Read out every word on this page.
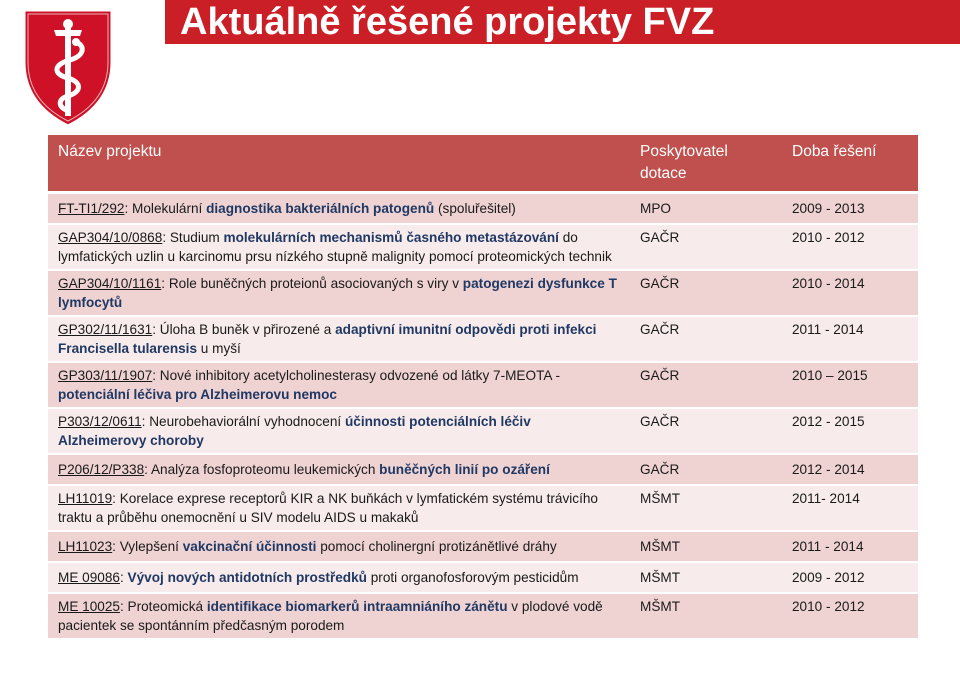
Aktuálně řešené projekty FVZ
Název projektu	Poskytovatel dotace	Doba řešení
FT-TI1/292: Molekulární diagnostika bakteriálních patogenů (spoluřešitel)	MPO	2009 - 2013
GAP304/10/0868: Studium molekulárních mechanismů časného metastázování do lymfatických uzlin u karcinomu prsu nízkého stupně malignity pomocí proteomických technik	GAČR	2010 - 2012
GAP304/10/1161: Role buněčných proteionů asociovaných s viry v patogenezi dysfunkce T lymfocytů	GAČR	2010 - 2014
GP302/11/1631: Úloha B buněk v přirozené a adaptivní imunitní odpovědi proti infekci Francisella tularensis u myší	GAČR	2011 - 2014
GP303/11/1907: Nové inhibitory acetylcholinesterasy odvozené od látky 7-MEOTA - potenciální léčiva pro Alzheimerovu nemoc	GAČR	2010 – 2015
P303/12/0611: Neurobehaviorální vyhodnocení účinnosti potenciálních léčiv Alzheimerovy choroby	GAČR	2012 - 2015
P206/12/P338: Analýza fosfoproteomu leukemických buněčných linií po ozáření	GAČR	2012 - 2014
LH11019: Korelace exprese receptorů KIR a NK buňkách v lymfatickém systému trávicího traktu a průběhu onemocnění u SIV modelu AIDS u makaků	MŠMT	2011- 2014
LH11023: Vylepšení vakcinační účinnosti pomocí cholinergní protizánětlivé dráhy	MŠMT	2011 - 2014
ME 09086: Vývoj nových antidotních prostředků proti organofosforovým pesticidům	MŠMT	2009 - 2012
ME 10025: Proteomická identifikace biomarkerů intraamniáního zánětu v plodové vodě pacientek se spontánním předčasným porodem	MŠMT	2010 - 2012
